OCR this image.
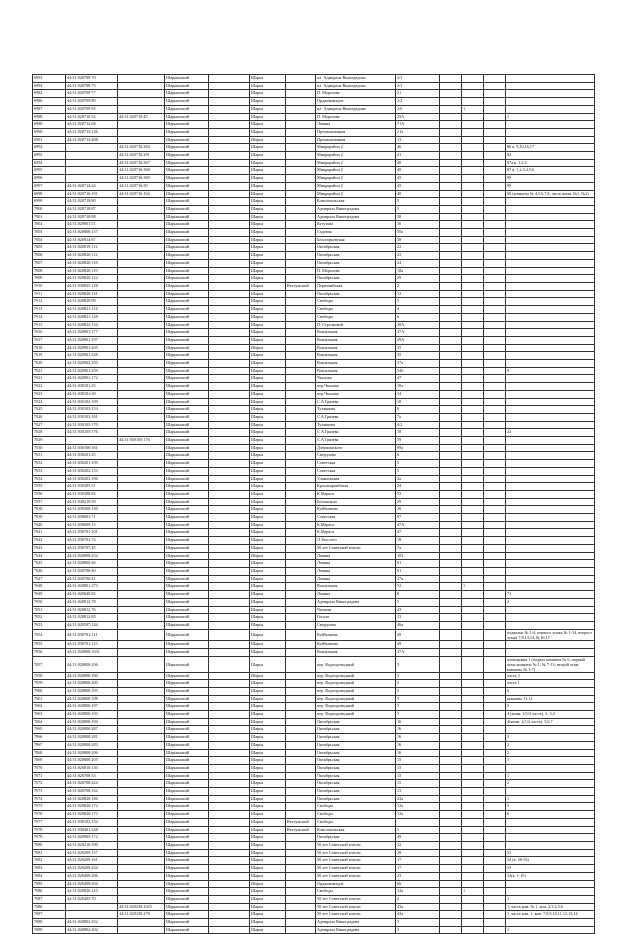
6993	44:31:020709:70		Шарьинский		Шарья		пл. Адмирала Виноградова	2/1				
6994	44:31:020709:73		Шарьинский		Шарья		пл. Адмирала Виноградова	2/1				
6982	44:31:020709:77		Шарьинский		Шарья		П. Морозова	21				
6986	44:31:020709:89		Шарьинский		Шарья		Орджоникидзе	2/2				
6987	44:31:020709:95		Шарьинский		Шарья		пл. Адмирала Виноградова	2/6		1		
6988	44:31:020710:32	44:31:020710:45	Шарьинский		Шарья		П. Морозова	25А				1
6989	44:31:020712:68		Шарьинский		Шарья		Ленина	71А				
6990	44:31:020713:136		Шарьинский		Шарья		Промышленная	21а				
6991	44:31:020713:408		Шарьинский		Шарья		Промышленная	13				
6992		44:31:020716:284	Шарьинский		Шарья		Микрорайон 2	46				86 в. 9,10,16,17
6995		44:31:020716:291	Шарьинский		Шарья		Микрорайон 2	41				82
6994		44:31:020716:367	Шарьинский		Шарья		Микрорайон 2	40				87а к. 1,2,3
6995		44:31:020716:368	Шарьинский		Шарья		Микрорайон 2	40				87 в. 1,2,3,4,5,6
6996		44:31:020716:369	Шарьинский		Шарья		Микрорайон 2	45				99
6997	44:31:020714:24	44:31:020716:50	Шарьинский		Шарья		Микрорайон 2	45				99
6998	44:31:020716:191	44:31:020716:104	Шарьинский		Шарья		Микрорайон 2	40				60 (комнаты № 4,5,6,7,8, часть комн. №1, №2)
6999	44:31:020718:80		Шарьинский		Шарья		Комсомольская	5				
7000	44:31:020718:87		Шарьинский		Шарья		Адмирала Виноградова	5				
7001	44:31:020718:88		Шарьинский		Шарья		Адмирала Виноградова	38				
7002	44:31:020801:51		Шарьинский		Шарья		Кутузова	16				
7003	44:31:020808:137		Шарьинский		Шарья		Садовая	50а				
7004	44:31:020814:67		Шарьинский		Шарья		Белогорьевская	38				
7005	44:31:020819:112		Шарьинский		Шарья		Октябрьская	22				
7006	44:31:020820:112		Шарьинский		Шарья		Октябрьская	22				
7007	44:31:020820:118		Шарьинский		Шарья		Октябрьская	24				
7008	44:31:020820:119		Шарьинский		Шарья		П. Морозова	18а				
7009	44:31:020820:122		Шарьинский		Шарья		Октябрьская	29				
7010	44:31:030835:128		Шарьинский		Шарья	Ветлужский	Первомайская	2				
7011	44:31:020820:141		Шарьинский		Шарья		Октябрьская	12				
7012	44:31:020820:99		Шарьинский		Шарья		Свободы	5				
7013	44:31:020821:114		Шарьинский		Шарья		Свободы	4				
7014	44:31:020821:128		Шарьинский		Шарья		Свободы	6				
7015	44:31:020822:134		Шарьинский		Шарья		П. Стрелковой	30А				
7016	44:31:020901:177		Шарьинский		Шарья		Вокзальная	37А				
7017	44:31:020901:197		Шарьинский		Шарья		Вокзальная	29А				
7018	44:31:020901:205		Шарьинский		Шарья		Вокзальная	35				
7019	44:31:020901:248		Шарьинский		Шарья		Вокзальная	35				
7020	44:31:020902:250		Шарьинский		Шарья		Вокзальная	37а				
7021	44:31:020901:259		Шарьинский		Шарья		Вокзальная	34б				9
7021	44:31:020901:172		Шарьинский		Шарья		Чкалова	47				
7022	44:31:030101:25		Шарьинский		Шарья		пер.Чкалова	10а				
7023	44:31:030101:30		Шарьинский		Шарья		пер.Чкалова	14				
7024	44:31:030102:109		Шарьинский		Шарья		С.А.Грязева	18				
7025	44:31:030103:153		Шарьинский		Шарья		Тутанкова	6				
7026	44:31:030103:161		Шарьинский		Шарья		С.А.Грязева	7а				
7027	44:31:030105:170		Шарьинский		Шарья		Тутанкова	4/2				
7028	44:31:030105:176		Шарьинский		Шарья		С.А.Грязева	18				22
7029		44:31:030105:176	Шарьинский		Шарья		С.А.Грязева	59				
7030	44:31:030106:161		Шарьинский		Шарья		Дзержинского	89а				
7031	44:31:030201:25		Шарьинский		Шарья		Свердлова	6				
7032	44:31:030201:109		Шарьинский		Шарья		Советская	5				
7033	44:31:030202:153		Шарьинский		Шарья		Советская	5				
7034	44:31:030203:196		Шарьинский		Шарья		Ульяновская	3а				
7035	44:31:030205:51		Шарьинский		Шарья		Красноармейская	24				
7036	44:31:030208:82		Шарьинский		Шарья		К.Маркса	52				
7037	44:31:030210:59		Шарьинский		Шарья		Белинского	29				
7038	44:31:030300:150		Шарьинский		Шарья		Куйбышева	20				
7039	44:31:030601:71		Шарьинский		Шарья		Советская	87				
7040	44:31:030609:15		Шарьинский		Шарья		К.Маркса	47А				
7041	44:31:030701:101		Шарьинский		Шарья		К.Маркса	47				
7042	44:31:030701:74		Шарьинский		Шарья		Л.Толстого	18				
7043	44:31:030707:45		Шарьинский		Шарья		50 лет Советской власти	7а				
7044	44:31:020800:252		Шарьинский		Шарья		Ленина	103				
7045	44:31:020800:46		Шарьинский		Шарья		Ленина	81				
7046	44:31:020706:40		Шарьинский		Шарья		Ленина	81				
7047	44:31:020706:41		Шарьинский		Шарья		Ленина	27а				
7048	44:31:020801:273		Шарьинский		Шарья		Вокзальная	52		1		
7049	44:31:020640:82		Шарьинский		Шарья		Ленина	8				72
7050	44:31:020812:78		Шарьинский		Шарья		Адмирала Виноградова	5				2
7051	44:31:020812:76		Шарьинский		Шарья		Чапаева	23				
7052	44:31:020812:85		Шарьинский		Шарья		Гоголя	13				
7053	44:31:020507:144		Шарьинский		Шарья		Свердлова	46а				
7054	44:31:030701:111		Шарьинский		Шарья		Куйбышева	49				подвальн № 1-4, первого этажа № 1-14, второго этажа 7,8,13,14,16,16,17
7055	44:31:030701:115		Шарьинский		Шарья		Куйбышева	49				
7056	44:31:020800:1031		Шарьинский		Шарья		Вокзальная	37А				
7057	44:31:020800:296		Шарьинский		Шарья		пер. Водопроводный	3				помещения 1 (подвал комнаты № 6, первый этаж комнаты № 1, № 7-13; второй этаж комнаты № 1-7)
7058	44:31:020800:190		Шарьинский		Шарья		пер. Водопроводный	3				часть 3
7059	44:31:020800:200		Шарьинский		Шарья		пер. Водопроводный	3				часть 1
7060	44:31:020800:195		Шарьинский		Шарья		пер. Водопроводный	3				6
7061	44:31:020800:198		Шарьинский		Шарья		пер. Водопроводный	3				комнаты 11,12
7062	44:31:020800:197		Шарьинский		Шарья		пер. Водопроводный	3				5
7063	44:31:020800:193		Шарьинский		Шарья		пер. Водопроводный	3				4 (комн. 1(1/2 часть), 3, 3,4
7064	44:31:020800:194		Шарьинский		Шарья		Октябрьская	16				4(комн. 1(1/2 часть), 5,6,7
7065	44:31:020800:287		Шарьинский		Шарья		Октябрьская	16				
7066	44:31:020800:281		Шарьинский		Шарья		Октябрьская	16				3
7067	44:31:020800:283		Шарьинский		Шарья		Октябрьская	16				2
7068	44:31:020800:206		Шарьинский		Шарья		Октябрьская	16				2
7069	44:31:020800:205		Шарьинский		Шарья		Октябрьская	15				1
7070	44:31:020810:130		Шарьинский		Шарья		Октябрьская	15				
7071	44:31:020708:53		Шарьинский		Шарья		Октябрьская	15				1
7072	44:31:020708:224		Шарьинский		Шарья		Октябрьская	15				2
7073	44:31:020708:162		Шарьинский		Шарья		Октябрьская	13				
7074	44:31:020820:186		Шарьинский		Шарья		Октябрьская	22а				1
7075	44:31:020820:172		Шарьинский		Шарья		Свободы	12а				3
7076	44:31:020820:173		Шарьинский		Шарья		Свободы	12а				6
7077	44:31:030102:154		Шарьинский		Шарья	Ветлужский	Свободы					
7078	44:31:030401:348		Шарьинский		Шарья	Ветлужский	Комсомольская	1				
7079	44:31:020905:172		Шарьинский		Шарья		Октябрьская	49				
7080	44:31:020210:190		Шарьинский		Шарья		50 лет Советской власти	12				
7081	44:31:020209:157		Шарьинский		Шарья		50 лет Советской власти	29				53
7082	44:31:020209:161		Шарьинский		Шарья		50 лет Советской власти	17				34 (к. 26-33)
7083	44:31:020209:234		Шарьинский		Шарья		50 лет Советской власти	17				33
7084	44:31:020409:206		Шарьинский		Шарья		50 лет Советской власти	23				34(к. 1-10)
7085	44:31:020409:204		Шарьинский		Шарья		Орджоникидзе	66				
7086	44:31:020820:210		Шарьинский		Шарья		Свободы	12а		1		
7087	44:31:020405:70		Шарьинский		Шарья		50 лет Советской власти	2				1
7086		44:31:020230:1025	Шарьинский		Шарья		50 лет Советской власти	43а				1, часть ком. № 1, ком. 2,3,4,5,6
7087		44:31:020230:278	Шарьинский		Шарья		50 лет Советской власти	43а				1, часть ком. 1, ком. 7,8,9,10,11,12,13,14
7088	44:31:020802:252		Шарьинский		Шарья		Адмирала Виноградова	3				
7089	44:31:020802:202		Шарьинский		Шарья		Адмирала Виноградова	3				1
